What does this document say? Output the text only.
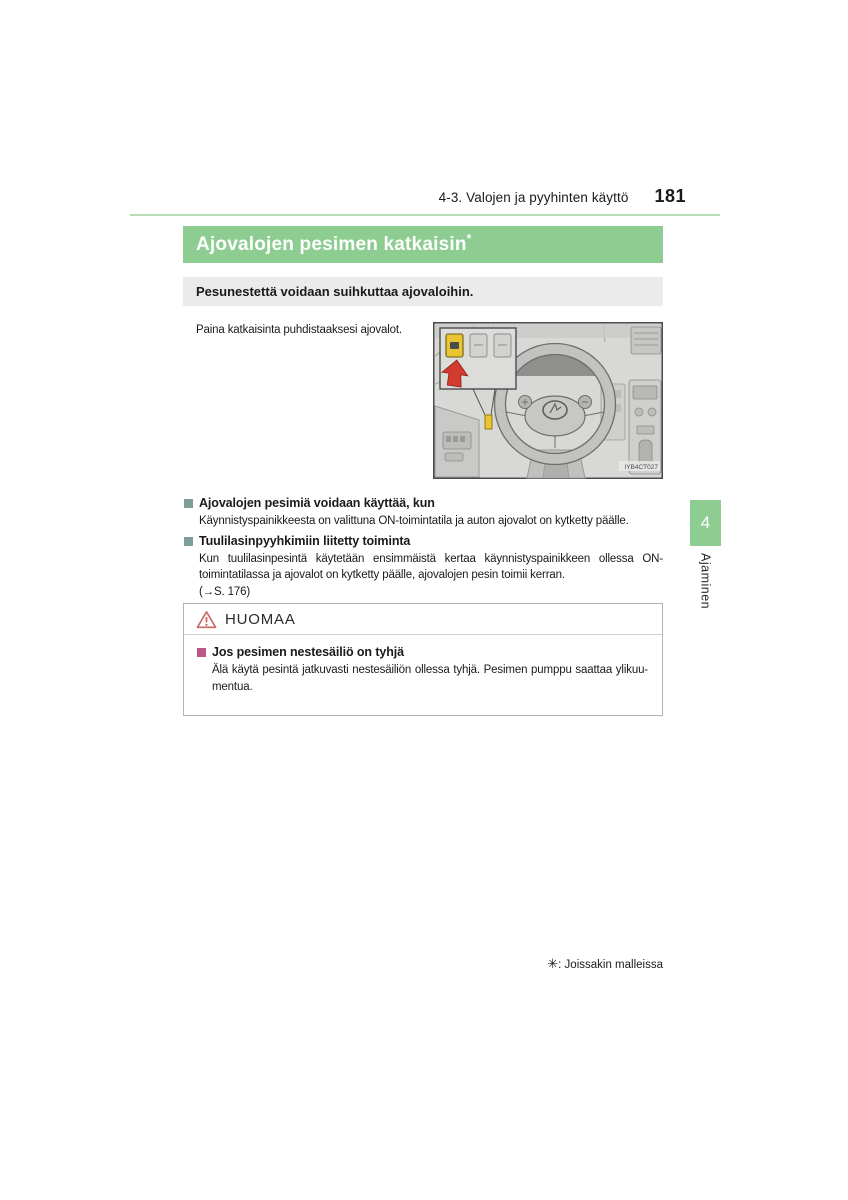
4-3. Valojen ja pyyhinten käyttö 181
Ajovalojen pesimen katkaisin*
Pesunestettä voidaan suihkuttaa ajovaloihin.
Paina katkaisinta puhdistaaksesi ajovalot.
IYB4CT027
Ajovalojen pesimiä voidaan käyttää, kun
Käynnistyspainikkeesta on valittuna ON-toimintatila ja auton ajovalot on kytketty päälle.
Tuulilasinpyyhkimiin liitetty toiminta
Kun tuulilasinpesintä käytetään ensimmäistä kertaa käynnistyspainikkeen ollessa ON-
toimintatilassa ja ajovalot on kytketty päälle, ajovalojen pesin toimii kerran.
(→S. 176)
HUOMAA
Jos pesimen nestesäiliö on tyhjä
Älä käytä pesintä jatkuvasti nestesäiliön ollessa tyhjä. Pesimen pumppu saattaa ylikuu-
mentua.
4
Ajaminen
✳: Joissakin malleissa
